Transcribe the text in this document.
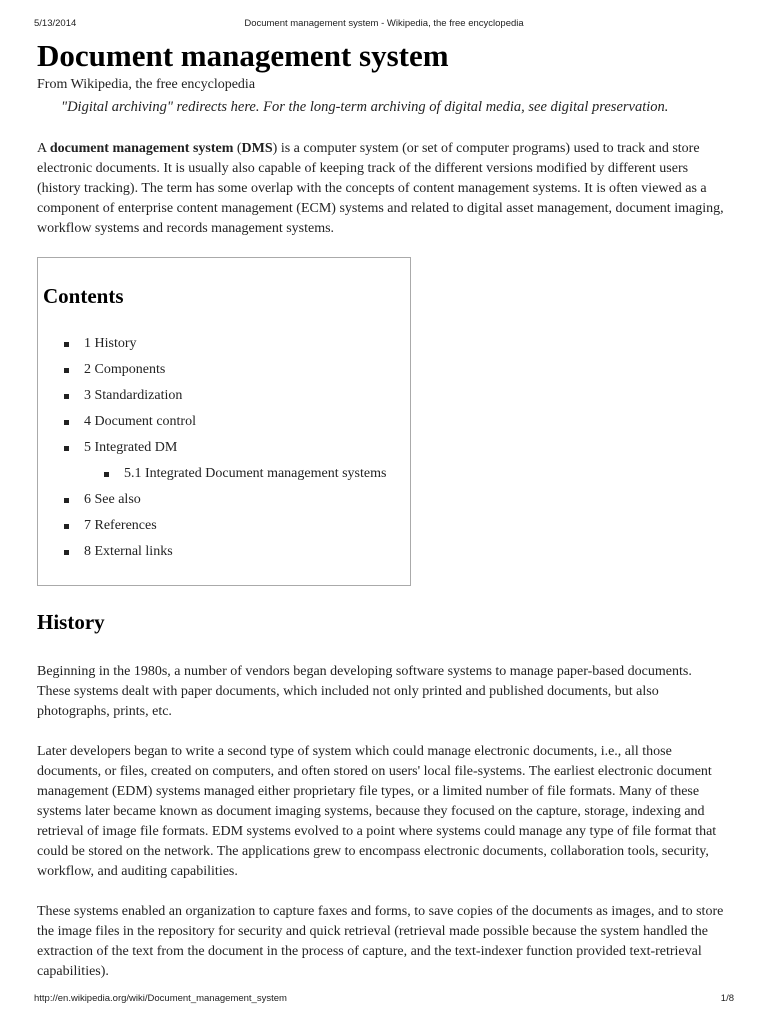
5/13/2014	Document management system - Wikipedia, the free encyclopedia
Document management system
From Wikipedia, the free encyclopedia
"Digital archiving" redirects here. For the long-term archiving of digital media, see digital preservation.

A document management system (DMS) is a computer system (or set of computer programs) used to track and store electronic documents. It is usually also capable of keeping track of the different versions modified by different users (history tracking). The term has some overlap with the concepts of content management systems. It is often viewed as a component of enterprise content management (ECM) systems and related to digital asset management, document imaging, workflow systems and records management systems.

Contents
1 History
2 Components
3 Standardization
4 Document control
5 Integrated DM
5.1 Integrated Document management systems
6 See also
7 References
8 External links
History

Beginning in the 1980s, a number of vendors began developing software systems to manage paper-based documents. These systems dealt with paper documents, which included not only printed and published documents, but also photographs, prints, etc.

Later developers began to write a second type of system which could manage electronic documents, i.e., all those documents, or files, created on computers, and often stored on users' local file-systems. The earliest electronic document management (EDM) systems managed either proprietary file types, or a limited number of file formats. Many of these systems later became known as document imaging systems, because they focused on the capture, storage, indexing and retrieval of image file formats. EDM systems evolved to a point where systems could manage any type of file format that could be stored on the network. The applications grew to encompass electronic documents, collaboration tools, security, workflow, and auditing capabilities.

These systems enabled an organization to capture faxes and forms, to save copies of the documents as images, and to store the image files in the repository for security and quick retrieval (retrieval made possible because the system handled the extraction of the text from the document in the process of capture, and the text-indexer function provided text-retrieval capabilities).

http://en.wikipedia.org/wiki/Document_management_system	1/8
